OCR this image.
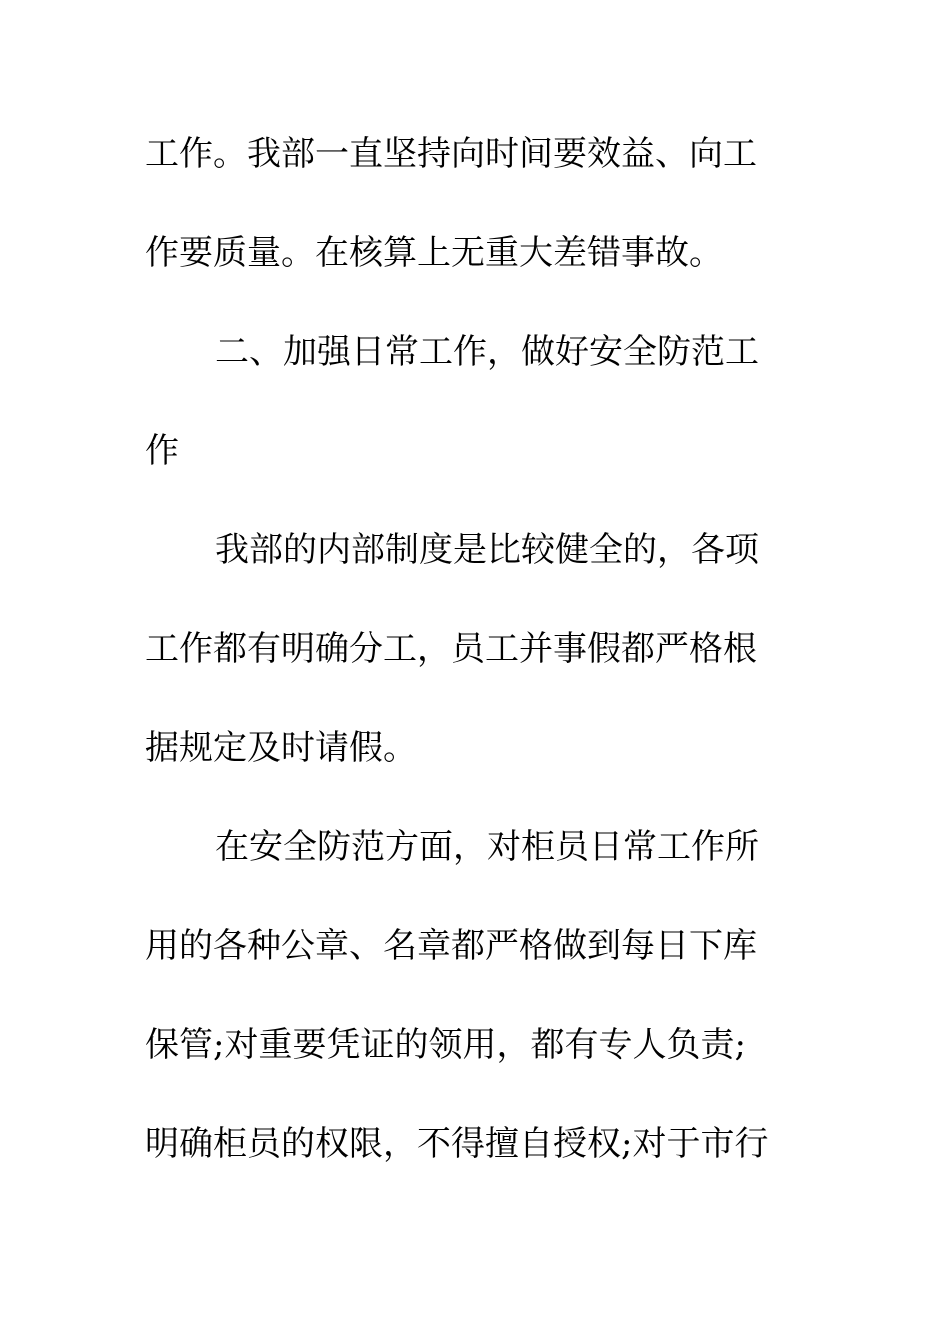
工作。我部一直坚持向时间要效益、向工
作要质量。在核算上无重大差错事故。
二、加强日常工作，做好安全防范工
作
我部的内部制度是比较健全的，各项
工作都有明确分工，员工并事假都严格根
据规定及时请假。
在安全防范方面，对柜员日常工作所
用的各种公章、名章都严格做到每日下库
保管;对重要凭证的领用，都有专人负责;
明确柜员的权限，不得擅自授权;对于市行
